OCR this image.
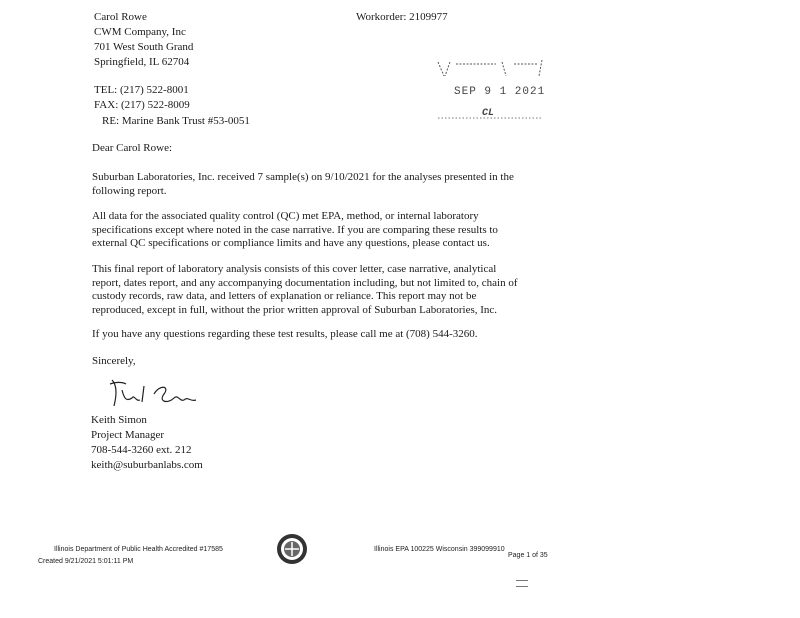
Carol Rowe
CWM Company, Inc
701 West South Grand
Springfield, IL 62704
TEL: (217) 522-8001
FAX: (217) 522-8009
RE: Marine Bank Trust #53-0051
Workorder: 2109977
SEP 9 1 2021
CL
Dear Carol Rowe:
Suburban Laboratories, Inc. received 7 sample(s) on 9/10/2021 for the analyses presented in the following report.
All data for the associated quality control (QC) met EPA, method, or internal laboratory specifications except where noted in the case narrative. If you are comparing these results to external QC specifications or compliance limits and have any questions, please contact us.
This final report of laboratory analysis consists of this cover letter, case narrative, analytical report, dates report, and any accompanying documentation including, but not limited to, chain of custody records, raw data, and letters of explanation or reliance. This report may not be reproduced, except in full, without the prior written approval of Suburban Laboratories, Inc.
If you have any questions regarding these test results, please call me at (708) 544-3260.
Sincerely,
Keith Simon
Project Manager
708-544-3260 ext. 212
keith@suburbanlabs.com
Illinois Department of Public Health Accredited #17585	Illinois EPA 100225 Wisconsin 399099910
Created 9/21/2021 5:01:11 PM
Page 1 of 35
